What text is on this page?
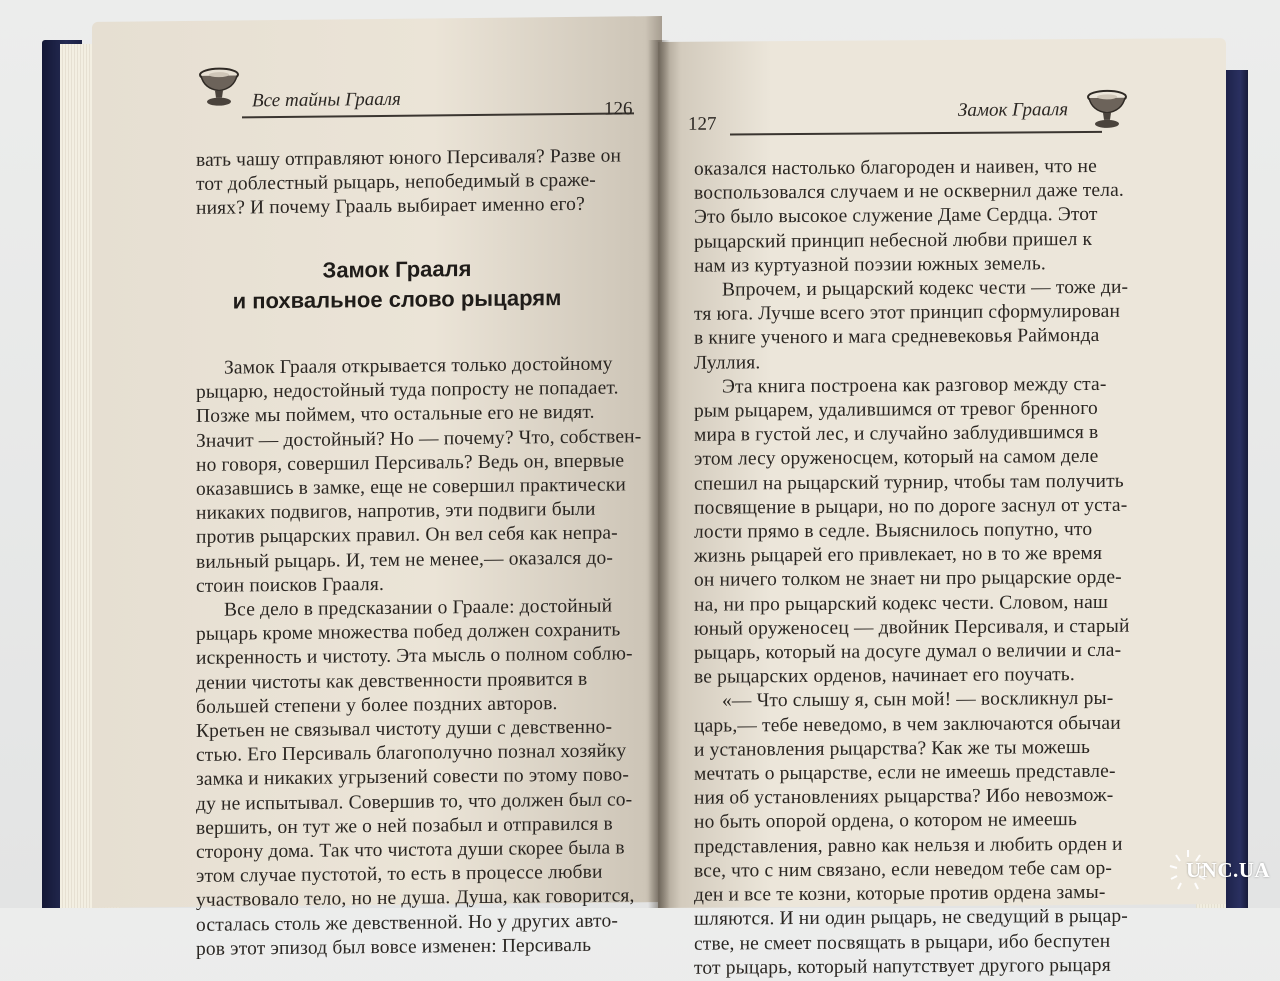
Все тайны Грааля	126
вать чашу отправляют юного Персиваля? Разве он
тот доблестный рыцарь, непобедимый в сраже-
ниях? И почему Грааль выбирает именно его?
Замок Грааля
и похвальное слово рыцарям
Замок Грааля открывается только достойному
рыцарю, недостойный туда попросту не попадает.
Позже мы поймем, что остальные его не видят.
Значит — достойный? Но — почему? Что, собствен-
но говоря, совершил Персиваль? Ведь он, впервые
оказавшись в замке, еще не совершил практически
никаких подвигов, напротив, эти подвиги были
против рыцарских правил. Он вел себя как непра-
вильный рыцарь. И, тем не менее,— оказался до-
стоин поисков Грааля.
Все дело в предсказании о Граале: достойный
рыцарь кроме множества побед должен сохранить
искренность и чистоту. Эта мысль о полном соблю-
дении чистоты как девственности проявится в
большей степени у более поздних авторов.
Кретьен не связывал чистоту души с девственно-
стью. Его Персиваль благополучно познал хозяйку
замка и никаких угрызений совести по этому пово-
ду не испытывал. Совершив то, что должен был со-
вершить, он тут же о ней позабыл и отправился в
сторону дома. Так что чистота души скорее была в
этом случае пустотой, то есть в процессе любви
участвовало тело, но не душа. Душа, как говорится,
осталась столь же девственной. Но у других авто-
ров этот эпизод был вовсе изменен: Персиваль
127
Замок Грааля
оказался настолько благороден и наивен, что не
воспользовался случаем и не осквернил даже тела.
Это было высокое служение Даме Сердца. Этот
рыцарский принцип небесной любви пришел к
нам из куртуазной поэзии южных земель.
Впрочем, и рыцарский кодекс чести — тоже ди-
тя юга. Лучше всего этот принцип сформулирован
в книге ученого и мага средневековья Раймонда
Луллия.
Эта книга построена как разговор между ста-
рым рыцарем, удалившимся от тревог бренного
мира в густой лес, и случайно заблудившимся в
этом лесу оруженосцем, который на самом деле
спешил на рыцарский турнир, чтобы там получить
посвящение в рыцари, но по дороге заснул от уста-
лости прямо в седле. Выяснилось попутно, что
жизнь рыцарей его привлекает, но в то же время
он ничего толком не знает ни про рыцарские орде-
на, ни про рыцарский кодекс чести. Словом, наш
юный оруженосец — двойник Персиваля, и старый
рыцарь, который на досуге думал о величии и сла-
ве рыцарских орденов, начинает его поучать.
«— Что слышу я, сын мой! — воскликнул ры-
царь,— тебе неведомо, в чем заключаются обычаи
и установления рыцарства? Как же ты можешь
мечтать о рыцарстве, если не имеешь представле-
ния об установлениях рыцарства? Ибо невозмож-
но быть опорой ордена, о котором не имеешь
представления, равно как нельзя и любить орден и
все, что с ним связано, если неведом тебе сам ор-
ден и все те козни, которые против ордена замы-
шляются. И ни один рыцарь, не сведущий в рыцар-
стве, не смеет посвящать в рыцари, ибо беспутен
тот рыцарь, который напутствует другого рыцаря
UNC.UA
